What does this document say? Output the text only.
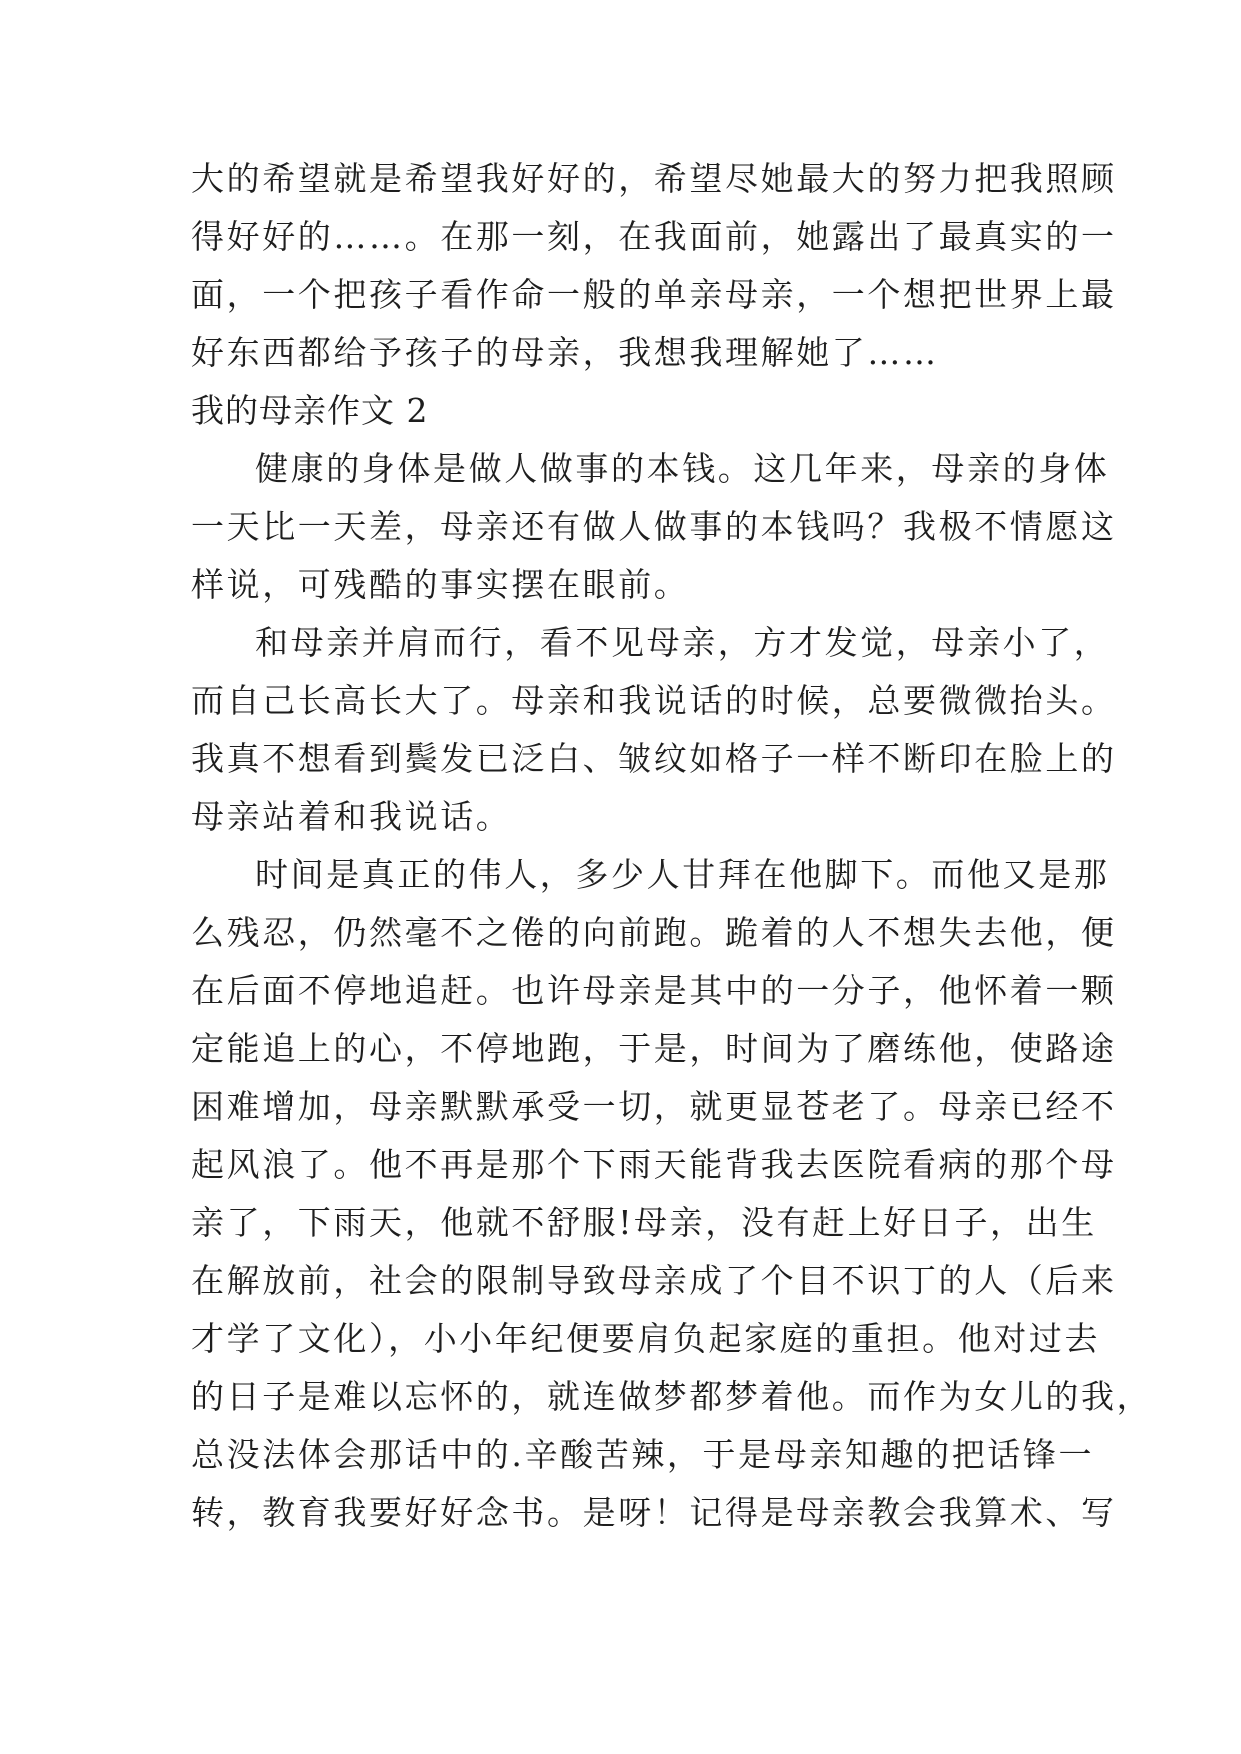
大的希望就是希望我好好的，希望尽她最大的努力把我照顾
得好好的……。在那一刻，在我面前，她露出了最真实的一
面，一个把孩子看作命一般的单亲母亲，一个想把世界上最
好东西都给予孩子的母亲，我想我理解她了……
我的母亲作文 2
健康的身体是做人做事的本钱。这几年来，母亲的身体
一天比一天差，母亲还有做人做事的本钱吗？我极不情愿这
样说，可残酷的事实摆在眼前。
和母亲并肩而行，看不见母亲，方才发觉，母亲小了，
而自己长高长大了。母亲和我说话的时候，总要微微抬头。
我真不想看到鬓发已泛白、皱纹如格子一样不断印在脸上的
母亲站着和我说话。
时间是真正的伟人，多少人甘拜在他脚下。而他又是那
么残忍，仍然毫不之倦的向前跑。跪着的人不想失去他，便
在后面不停地追赶。也许母亲是其中的一分子，他怀着一颗
定能追上的心，不停地跑，于是，时间为了磨练他，使路途
困难增加，母亲默默承受一切，就更显苍老了。母亲已经不
起风浪了。他不再是那个下雨天能背我去医院看病的那个母
亲了，下雨天，他就不舒服!母亲，没有赶上好日子，出生
在解放前，社会的限制导致母亲成了个目不识丁的人（后来
才学了文化），小小年纪便要肩负起家庭的重担。他对过去
的日子是难以忘怀的，就连做梦都梦着他。而作为女儿的我，
总没法体会那话中的.辛酸苦辣，于是母亲知趣的把话锋一
转，教育我要好好念书。是呀！记得是母亲教会我算术、写
